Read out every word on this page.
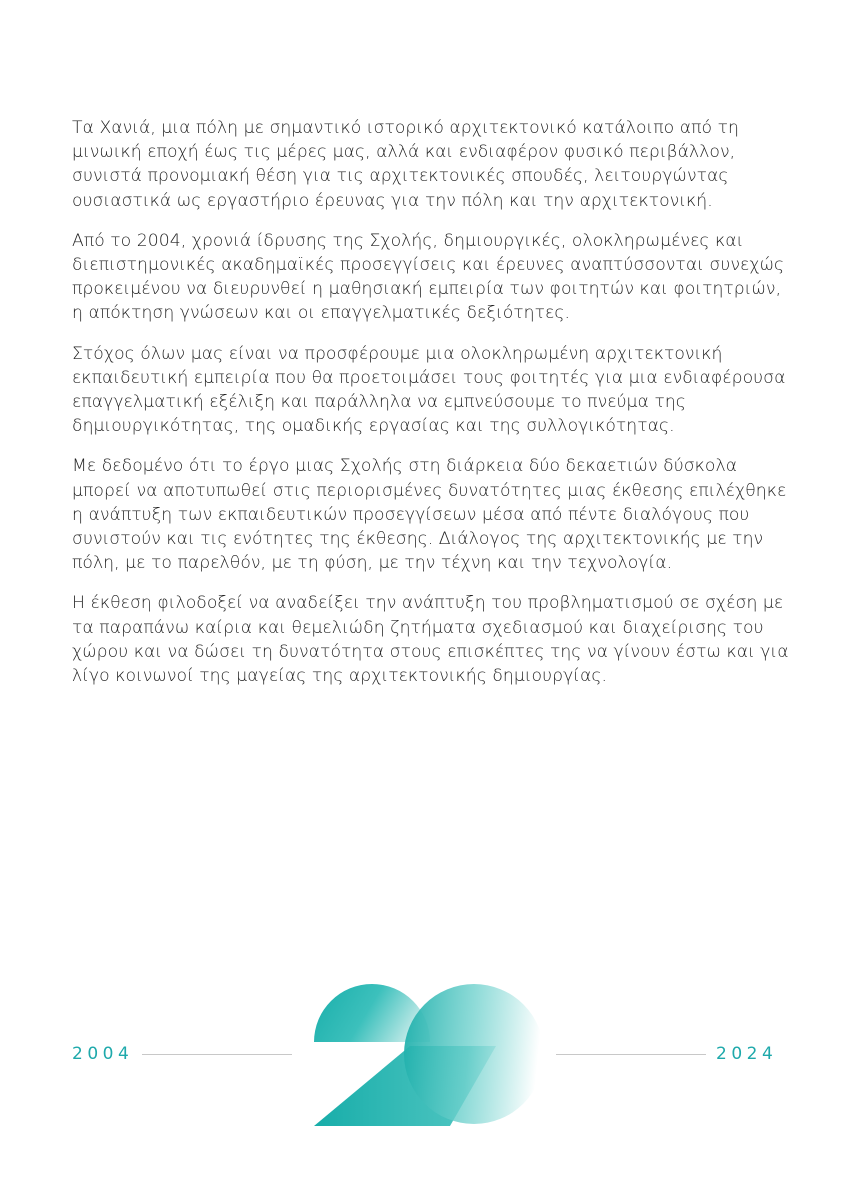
Τα Χανιά, μια πόλη με σημαντικό ιστορικό αρχιτεκτονικό κατάλοιπο από τη μινωική εποχή έως τις μέρες μας, αλλά και ενδιαφέρον φυσικό περιβάλλον, συνιστά προνομιακή θέση για τις αρχιτεκτονικές σπουδές, λειτουργώντας ουσιαστικά ως εργαστήριο έρευνας για την πόλη και την αρχιτεκτονική.

Από το 2004, χρονιά ίδρυσης της Σχολής, δημιουργικές, ολοκληρωμένες και διεπιστημονικές ακαδημαϊκές προσεγγίσεις και έρευνες αναπτύσσονται συνεχώς προκειμένου να διευρυνθεί η μαθησιακή εμπειρία των φοιτητών και φοιτητριών, η απόκτηση γνώσεων και οι επαγγελματικές δεξιότητες.

Στόχος όλων μας είναι να προσφέρουμε μια ολοκληρωμένη αρχιτεκτονική εκπαιδευτική εμπειρία που θα προετοιμάσει τους φοιτητές για μια ενδιαφέρουσα επαγγελματική εξέλιξη και παράλληλα να εμπνεύσουμε το πνεύμα της δημιουργικότητας, της ομαδικής εργασίας και της συλλογικότητας.

Με δεδομένο ότι το έργο μιας Σχολής στη διάρκεια δύο δεκαετιών δύσκολα μπορεί να αποτυπωθεί στις περιορισμένες δυνατότητες μιας έκθεσης επιλέχθηκε η ανάπτυξη των εκπαιδευτικών προσεγγίσεων μέσα από πέντε διαλόγους που συνιστούν και τις ενότητες της έκθεσης. Διάλογος της αρχιτεκτονικής με την πόλη, με το παρελθόν, με τη φύση, με την τέχνη και την τεχνολογία.

Η έκθεση φιλοδοξεί να αναδείξει την ανάπτυξη του προβληματισμού σε σχέση με τα παραπάνω καίρια και θεμελιώδη ζητήματα σχεδιασμού και διαχείρισης του χώρου και να δώσει τη δυνατότητα στους επισκέπτες της να γίνουν έστω και για λίγο κοινωνοί της μαγείας της αρχιτεκτονικής δημιουργίας.

2004	2024
